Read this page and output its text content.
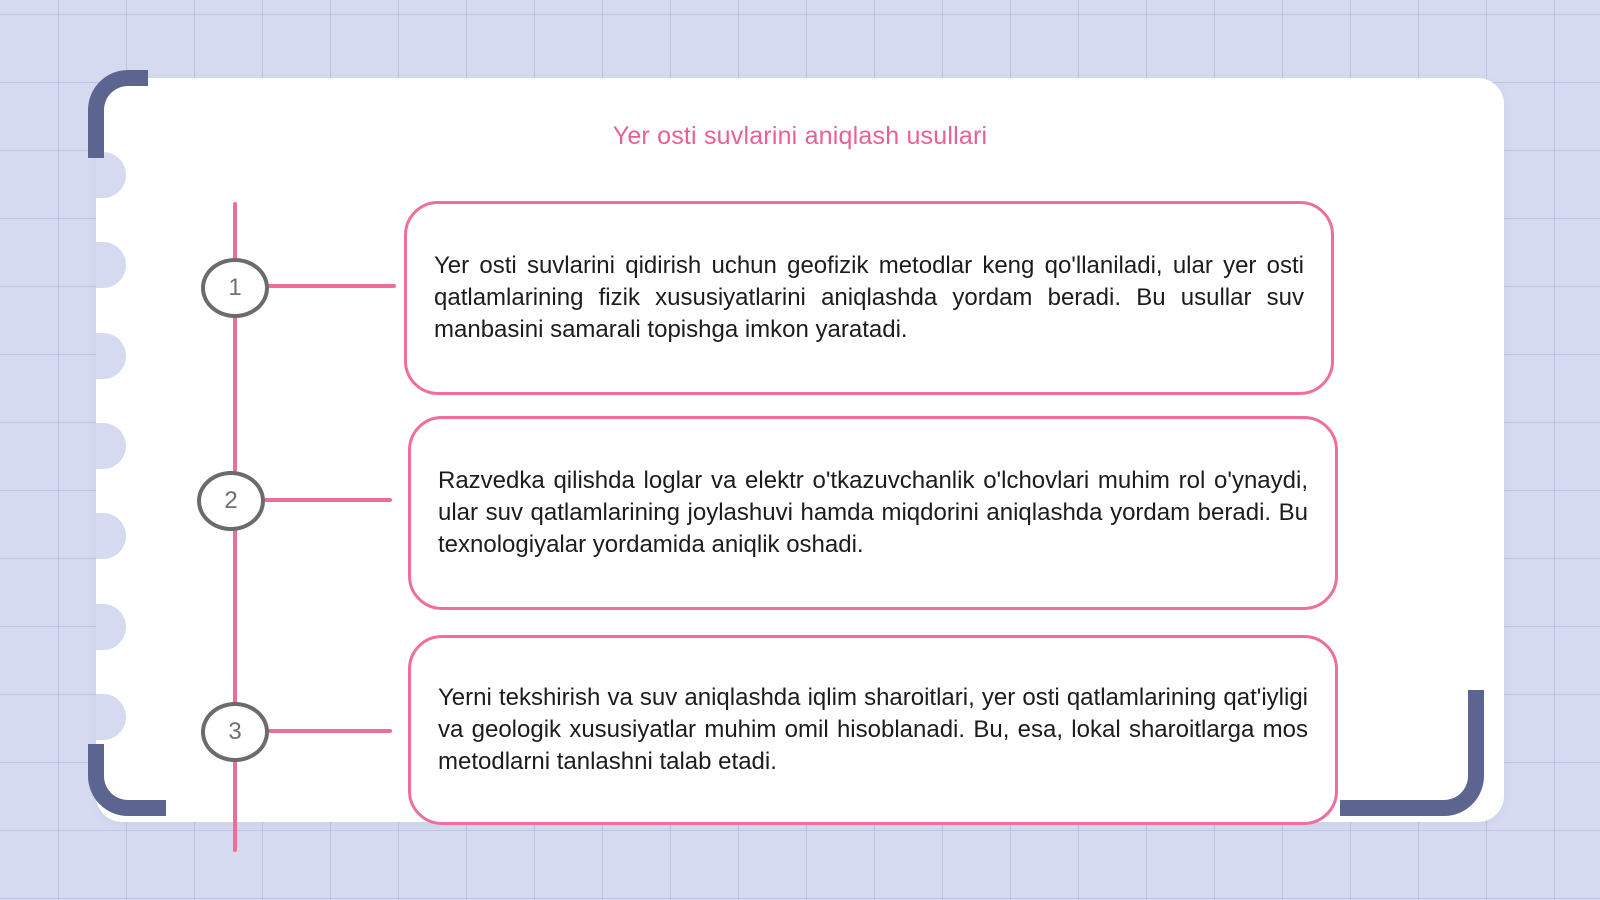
Yer osti suvlarini aniqlash usullari
1
2
3

Yer osti suvlarini qidirish uchun geofizik metodlar keng qo'llaniladi, ular yer osti qatlamlarining fizik xususiyatlarini aniqlashda yordam beradi. Bu usullar suv manbasini samarali topishga imkon yaratadi.

Razvedka qilishda loglar va elektr o'tkazuvchanlik o'lchovlari muhim rol o'ynaydi, ular suv qatlamlarining joylashuvi hamda miqdorini aniqlashda yordam beradi. Bu texnologiyalar yordamida aniqlik oshadi.

Yerni tekshirish va suv aniqlashda iqlim sharoitlari, yer osti qatlamlarining qat'iyligi va geologik xususiyatlar muhim omil hisoblanadi. Bu, esa, lokal sharoitlarga mos metodlarni tanlashni talab etadi.
